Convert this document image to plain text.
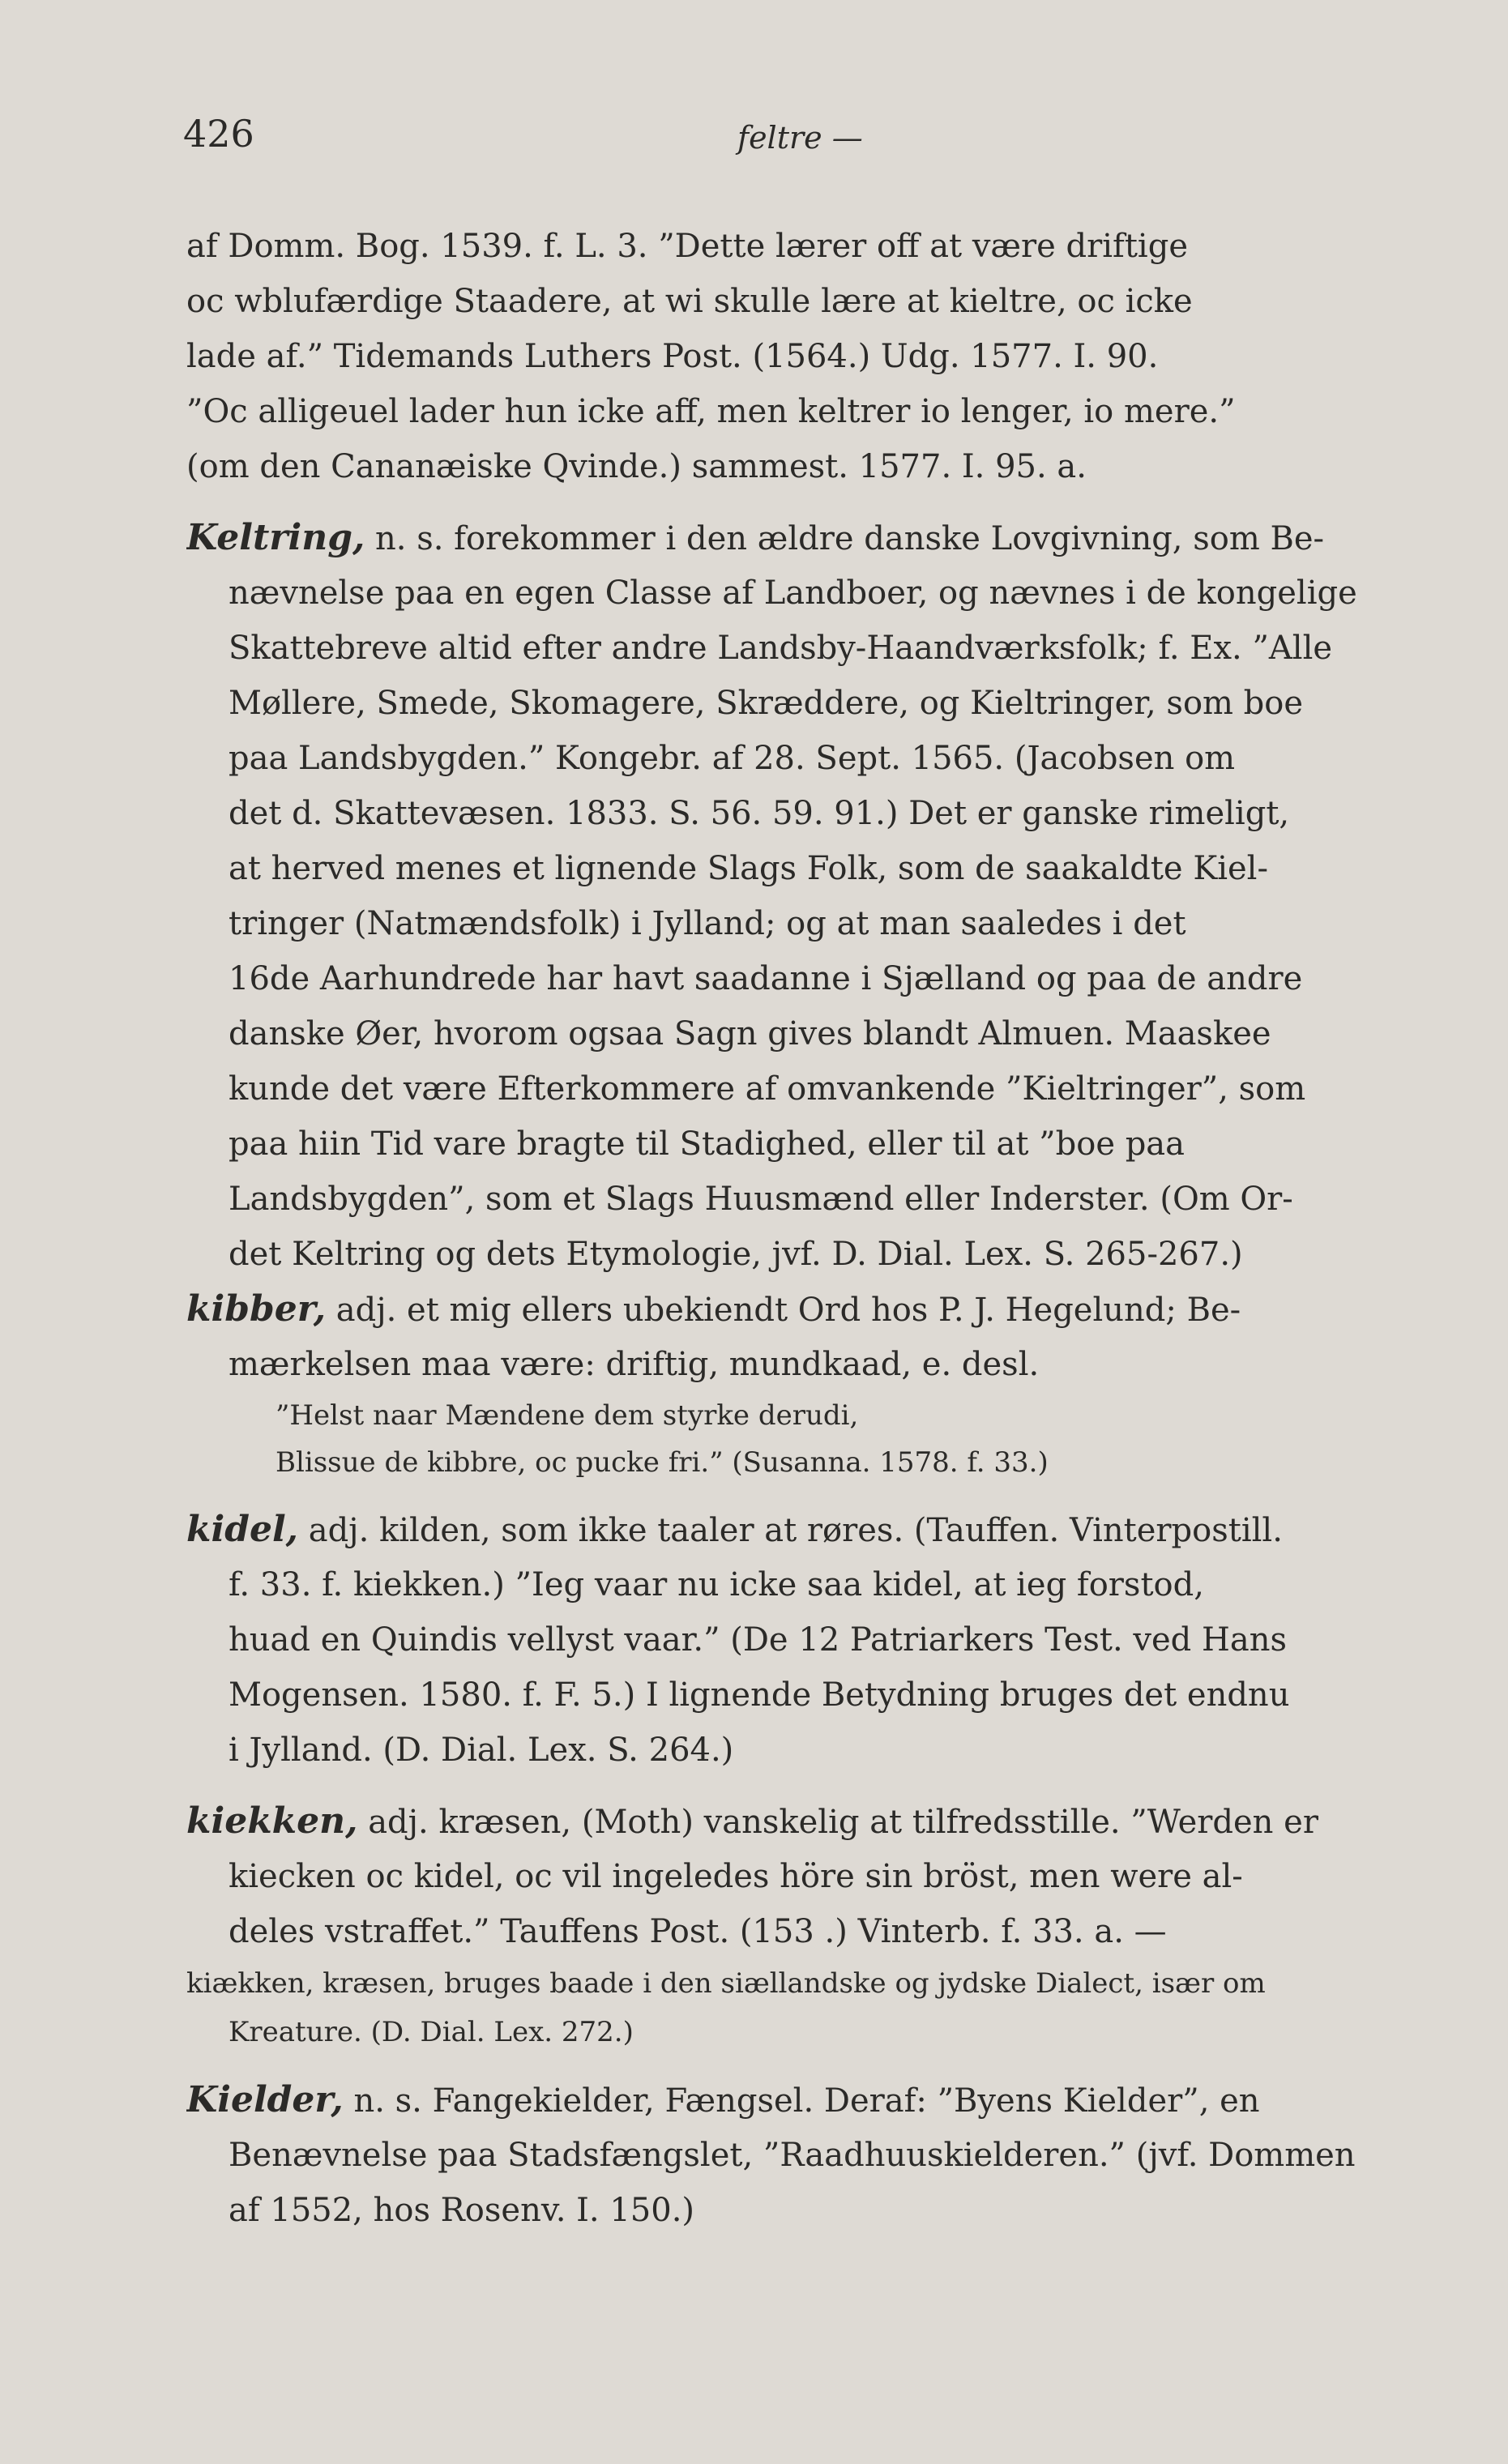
426	feltre —
af Domm. Bog. 1539. f. L. 3. ”Dette lærer off at være driftige
oc wblufærdige Staadere, at wi skulle lære at kieltre, oc icke
lade af.” Tidemands Luthers Post. (1564.) Udg. 1577. I. 90.
”Oc alligeuel lader hun icke aff, men keltrer io lenger, io mere.”
(om den Cananæiske Qvinde.) sammest. 1577. I. 95. a.
Keltring, n. s. forekommer i den ældre danske Lovgivning, som Be-
nævnelse paa en egen Classe af Landboer, og nævnes i de kongelige
Skattebreve altid efter andre Landsby-Haandværksfolk; f. Ex. ”Alle
Møllere, Smede, Skomagere, Skræddere, og Kieltringer, som boe
paa Landsbygden.” Kongebr. af 28. Sept. 1565. (Jacobsen om
det d. Skattevæsen. 1833. S. 56. 59. 91.) Det er ganske rimeligt,
at herved menes et lignende Slags Folk, som de saakaldte Kiel-
tringer (Natmændsfolk) i Jylland; og at man saaledes i det
16de Aarhundrede har havt saadanne i Sjælland og paa de andre
danske Øer, hvorom ogsaa Sagn gives blandt Almuen. Maaskee
kunde det være Efterkommere af omvankende ”Kieltringer”, som
paa hiin Tid vare bragte til Stadighed, eller til at ”boe paa
Landsbygden”, som et Slags Huusmænd eller Inderster. (Om Or-
det Keltring og dets Etymologie, jvf. D. Dial. Lex. S. 265-267.)
kibber, adj. et mig ellers ubekiendt Ord hos P. J. Hegelund; Be-
mærkelsen maa være: driftig, mundkaad, e. desl.
”Helst naar Mændene dem styrke derudi,
Blissue de kibbre, oc pucke fri.” (Susanna. 1578. f. 33.)
kidel, adj. kilden, som ikke taaler at røres. (Tauffen. Vinterpostill.
f. 33. f. kiekken.) ”Ieg vaar nu icke saa kidel, at ieg forstod,
huad en Quindis vellyst vaar.” (De 12 Patriarkers Test. ved Hans
Mogensen. 1580. f. F. 5.) I lignende Betydning bruges det endnu
i Jylland. (D. Dial. Lex. S. 264.)
kiekken, adj. kræsen, (Moth) vanskelig at tilfredsstille. ”Werden er
kiecken oc kidel, oc vil ingeledes höre sin bröst, men were al-
deles vstraffet.” Tauffens Post. (153 .) Vinterb. f. 33. a. —
kiækken, kræsen, bruges baade i den siællandske og jydske Dialect, især om
Kreature. (D. Dial. Lex. 272.)
Kielder, n. s. Fangekielder, Fængsel. Deraf: ”Byens Kielder”, en
Benævnelse paa Stadsfængslet, ”Raadhuuskielderen.” (jvf. Dommen
af 1552, hos Rosenv. I. 150.)
